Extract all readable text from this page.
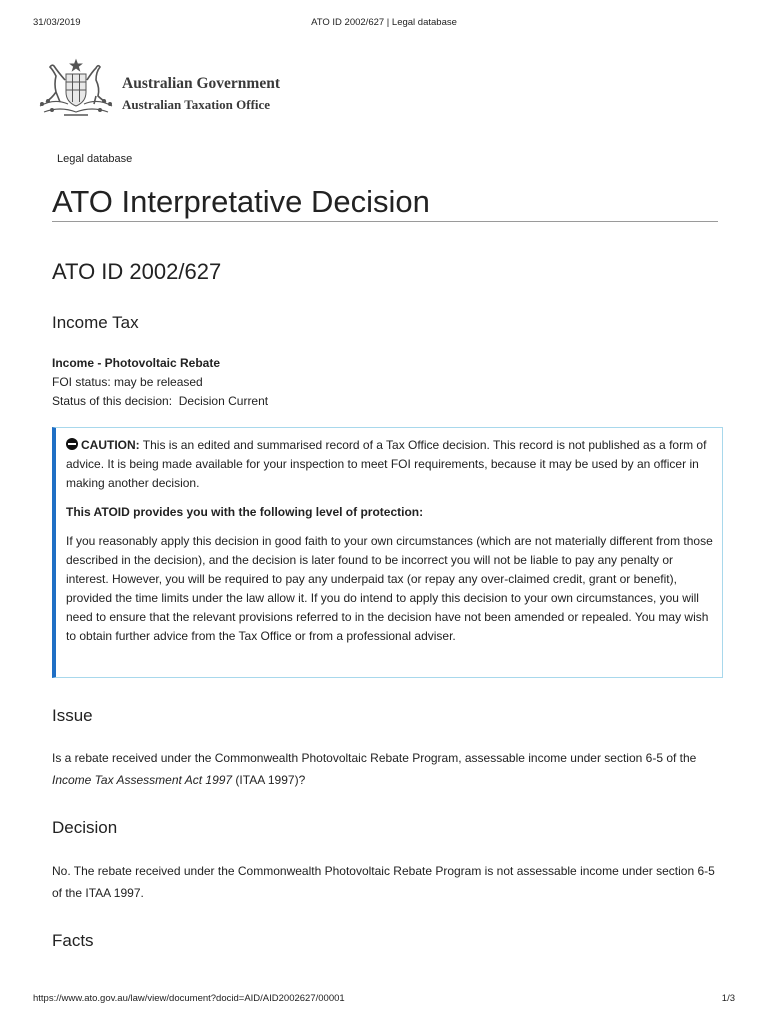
31/03/2019	ATO ID 2002/627 | Legal database
Australian Government
Australian Taxation Office
Legal database
ATO Interpretative Decision
ATO ID 2002/627
Income Tax
Income - Photovoltaic Rebate
FOI status: may be released
Status of this decision: Decision Current

CAUTION: This is an edited and summarised record of a Tax Office decision. This record is not published as a form of advice. It is being made available for your inspection to meet FOI requirements, because it may be used by an officer in making another decision.

This ATOID provides you with the following level of protection:

If you reasonably apply this decision in good faith to your own circumstances (which are not materially different from those described in the decision), and the decision is later found to be incorrect you will not be liable to pay any penalty or interest. However, you will be required to pay any underpaid tax (or repay any over-claimed credit, grant or benefit), provided the time limits under the law allow it. If you do intend to apply this decision to your own circumstances, you will need to ensure that the relevant provisions referred to in the decision have not been amended or repealed. You may wish to obtain further advice from the Tax Office or from a professional adviser.

Issue

Is a rebate received under the Commonwealth Photovoltaic Rebate Program, assessable income under section 6-5 of the Income Tax Assessment Act 1997 (ITAA 1997)?

Decision

No. The rebate received under the Commonwealth Photovoltaic Rebate Program is not assessable income under section 6-5 of the ITAA 1997.

Facts
https://www.ato.gov.au/law/view/document?docid=AID/AID2002627/00001	1/3
